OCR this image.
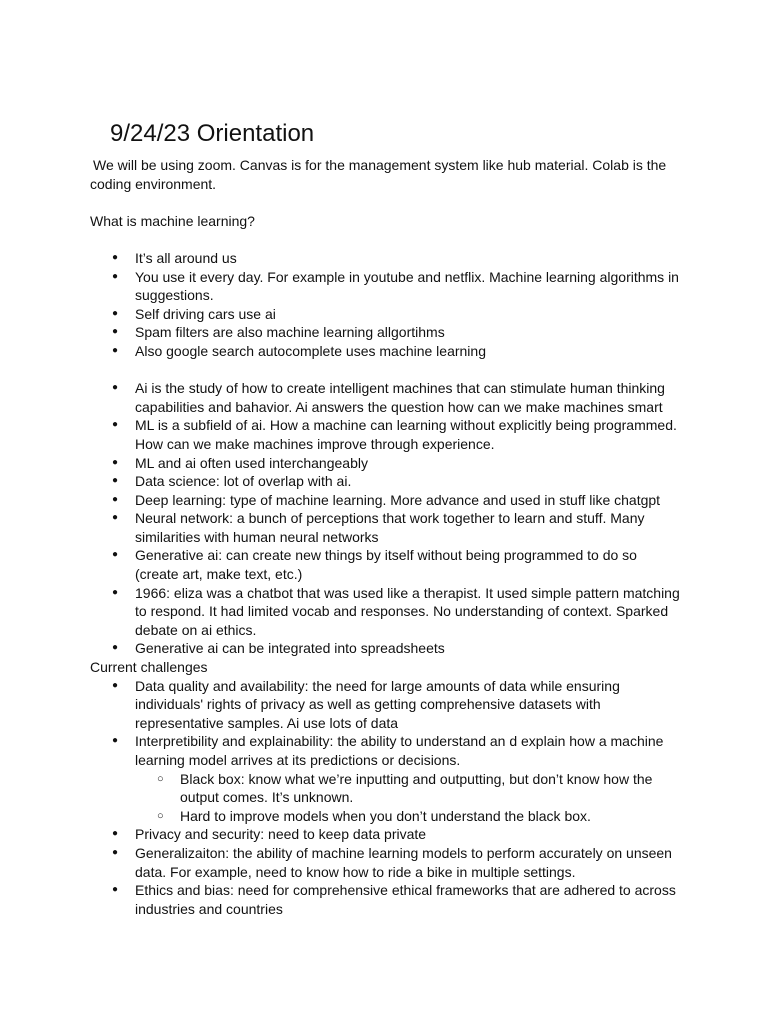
9/24/23 Orientation

We will be using zoom. Canvas is for the management system like hub material. Colab is the coding environment.

What is machine learning?

● It’s all around us
● You use it every day. For example in youtube and netflix. Machine learning algorithms in suggestions.
● Self driving cars use ai
● Spam filters are also machine learning allgortihms
● Also google search autocomplete uses machine learning
● Ai is the study of how to create intelligent machines that can stimulate human thinking capabilities and bahavior. Ai answers the question how can we make machines smart
● ML is a subfield of ai. How a machine can learning without explicitly being programmed. How can we make machines improve through experience.
● ML and ai often used interchangeably
● Data science: lot of overlap with ai.
● Deep learning: type of machine learning. More advance and used in stuff like chatgpt
● Neural network: a bunch of perceptions that work together to learn and stuff. Many similarities with human neural networks
● Generative ai: can create new things by itself without being programmed to do so (create art, make text, etc.)
● 1966: eliza was a chatbot that was used like a therapist. It used simple pattern matching to respond. It had limited vocab and responses. No understanding of context. Sparked debate on ai ethics.
● Generative ai can be integrated into spreadsheets

Current challenges

● Data quality and availability: the need for large amounts of data while ensuring individuals' rights of privacy as well as getting comprehensive datasets with representative samples. Ai use lots of data
● Interpretibility and explainability: the ability to understand an d explain how a machine learning model arrives at its predictions or decisions.
○ Black box: know what we’re inputting and outputting, but don’t know how the output comes. It’s unknown.
○ Hard to improve models when you don’t understand the black box.
● Privacy and security: need to keep data private
● Generalizaiton: the ability of machine learning models to perform accurately on unseen data. For example, need to know how to ride a bike in multiple settings.
● Ethics and bias: need for comprehensive ethical frameworks that are adhered to across industries and countries
